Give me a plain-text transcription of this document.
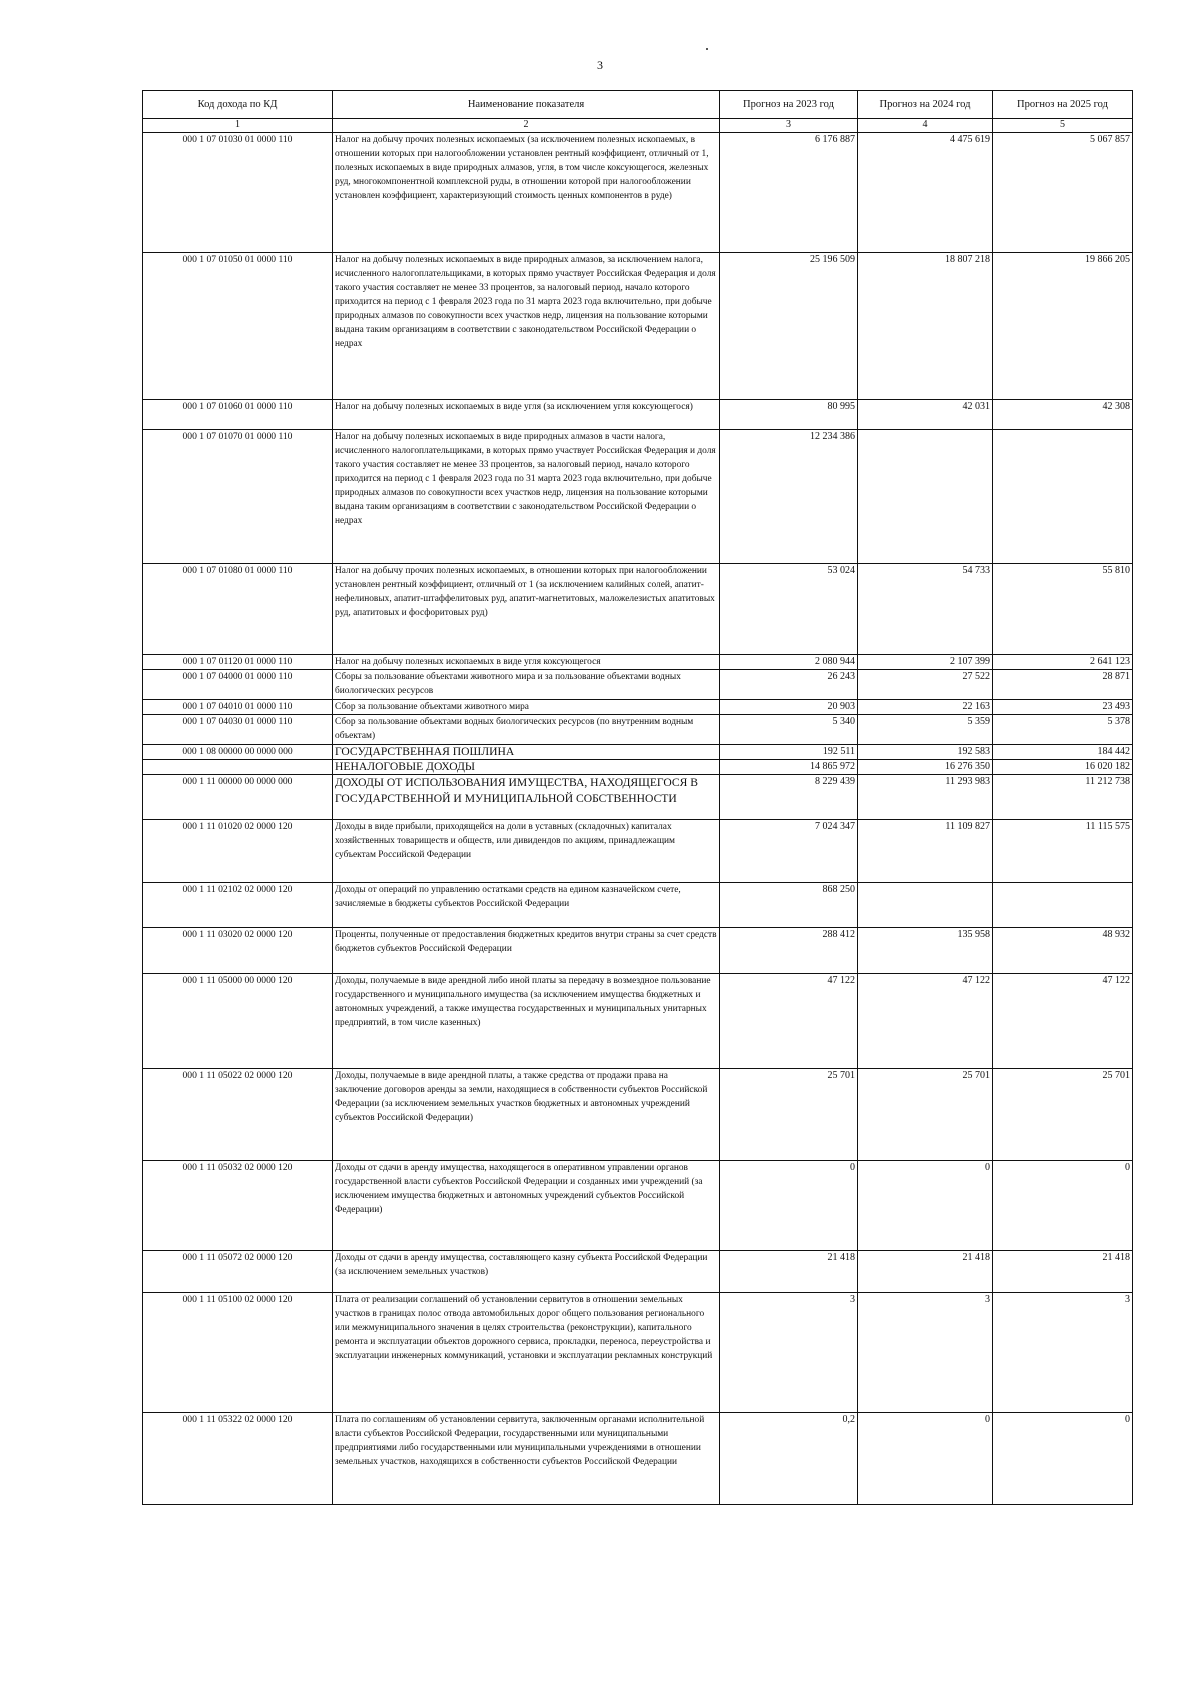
3
Код дохода по КД	Наименование показателя	Прогноз на 2023 год	Прогноз на 2024 год	Прогноз на 2025 год
1	2	3	4	5
000 1 07 01030 01 0000 110	Налог на добычу прочих полезных ископаемых (за исключением полезных ископаемых, в отношении которых при налогообложении установлен рентный коэффициент, отличный от 1, полезных ископаемых в виде природных алмазов, угля, в том числе коксующегося, железных руд, многокомпонентной комплексной руды, в отношении которой при налогообложении установлен коэффициент, характеризующий стоимость ценных компонентов в руде)	6 176 887	4 475 619	5 067 857
000 1 07 01050 01 0000 110	Налог на добычу полезных ископаемых в виде природных алмазов, за исключением налога, исчисленного налогоплательщиками, в которых прямо участвует Российская Федерация и доля такого участия составляет не менее 33 процентов, за налоговый период, начало которого приходится на период с 1 февраля 2023 года по 31 марта 2023 года включительно, при добыче природных алмазов по совокупности всех участков недр, лицензия на пользование которыми выдана таким организациям в соответствии с законодательством Российской Федерации о недрах	25 196 509	18 807 218	19 866 205
000 1 07 01060 01 0000 110	Налог на добычу полезных ископаемых в виде угля (за исключением угля коксующегося)	80 995	42 031	42 308
000 1 07 01070 01 0000 110	Налог на добычу полезных ископаемых в виде природных алмазов в части налога, исчисленного налогоплательщиками, в которых прямо участвует Российская Федерация и доля такого участия составляет не менее 33 процентов, за налоговый период, начало которого приходится на период с 1 февраля 2023 года по 31 марта 2023 года включительно, при добыче природных алмазов по совокупности всех участков недр, лицензия на пользование которыми выдана таким организациям в соответствии с законодательством Российской Федерации о недрах	12 234 386		
000 1 07 01080 01 0000 110	Налог на добычу прочих полезных ископаемых, в отношении которых при налогообложении установлен рентный коэффициент, отличный от 1 (за исключением калийных солей, апатит-нефелиновых, апатит-штаффелитовых руд, апатит-магнетитовых, маложелезистых апатитовых руд, апатитовых и фосфоритовых руд)	53 024	54 733	55 810
000 1 07 01120 01 0000 110	Налог на добычу полезных ископаемых в виде угля коксующегося	2 080 944	2 107 399	2 641 123
000 1 07 04000 01 0000 110	Сборы за пользование объектами животного мира и за пользование объектами водных биологических ресурсов	26 243	27 522	28 871
000 1 07 04010 01 0000 110	Сбор за пользование объектами животного мира	20 903	22 163	23 493
000 1 07 04030 01 0000 110	Сбор за пользование объектами водных биологических ресурсов (по внутренним водным объектам)	5 340	5 359	5 378
000 1 08 00000 00 0000 000	ГОСУДАРСТВЕННАЯ ПОШЛИНА	192 511	192 583	184 442
	НЕНАЛОГОВЫЕ ДОХОДЫ	14 865 972	16 276 350	16 020 182
000 1 11 00000 00 0000 000	ДОХОДЫ ОТ ИСПОЛЬЗОВАНИЯ ИМУЩЕСТВА, НАХОДЯЩЕГОСЯ В ГОСУДАРСТВЕННОЙ И МУНИЦИПАЛЬНОЙ СОБСТВЕННОСТИ	8 229 439	11 293 983	11 212 738
000 1 11 01020 02 0000 120	Доходы в виде прибыли, приходящейся на доли в уставных (складочных) капиталах хозяйственных товариществ и обществ, или дивидендов по акциям, принадлежащим субъектам Российской Федерации	7 024 347	11 109 827	11 115 575
000 1 11 02102 02 0000 120	Доходы от операций по управлению остатками средств на едином казначейском счете, зачисляемые в бюджеты субъектов Российской Федерации	868 250		
000 1 11 03020 02 0000 120	Проценты, полученные от предоставления бюджетных кредитов внутри страны за счет средств бюджетов субъектов Российской Федерации	288 412	135 958	48 932
000 1 11 05000 00 0000 120	Доходы, получаемые в виде арендной либо иной платы за передачу в возмездное пользование государственного и муниципального имущества (за исключением имущества бюджетных и автономных учреждений, а также имущества государственных и муниципальных унитарных предприятий, в том числе казенных)	47 122	47 122	47 122
000 1 11 05022 02 0000 120	Доходы, получаемые в виде арендной платы, а также средства от продажи права на заключение договоров аренды за земли, находящиеся в собственности субъектов Российской Федерации (за исключением земельных участков бюджетных и автономных учреждений субъектов Российской Федерации)	25 701	25 701	25 701
000 1 11 05032 02 0000 120	Доходы от сдачи в аренду имущества, находящегося в оперативном управлении органов государственной власти субъектов Российской Федерации и созданных ими учреждений (за исключением имущества бюджетных и автономных учреждений субъектов Российской Федерации)	0	0	0
000 1 11 05072 02 0000 120	Доходы от сдачи в аренду имущества, составляющего казну субъекта Российской Федерации (за исключением земельных участков)	21 418	21 418	21 418
000 1 11 05100 02 0000 120	Плата от реализации соглашений об установлении сервитутов в отношении земельных участков в границах полос отвода автомобильных дорог общего пользования регионального или межмуниципального значения в целях строительства (реконструкции), капитального ремонта и эксплуатации объектов дорожного сервиса, прокладки, переноса, переустройства и эксплуатации инженерных коммуникаций, установки и эксплуатации рекламных конструкций	3	3	3
000 1 11 05322 02 0000 120	Плата по соглашениям об установлении сервитута, заключенным органами исполнительной власти субъектов Российской Федерации, государственными или муниципальными предприятиями либо государственными или муниципальными учреждениями в отношении земельных участков, находящихся в собственности субъектов Российской Федерации	0,2	0	0
